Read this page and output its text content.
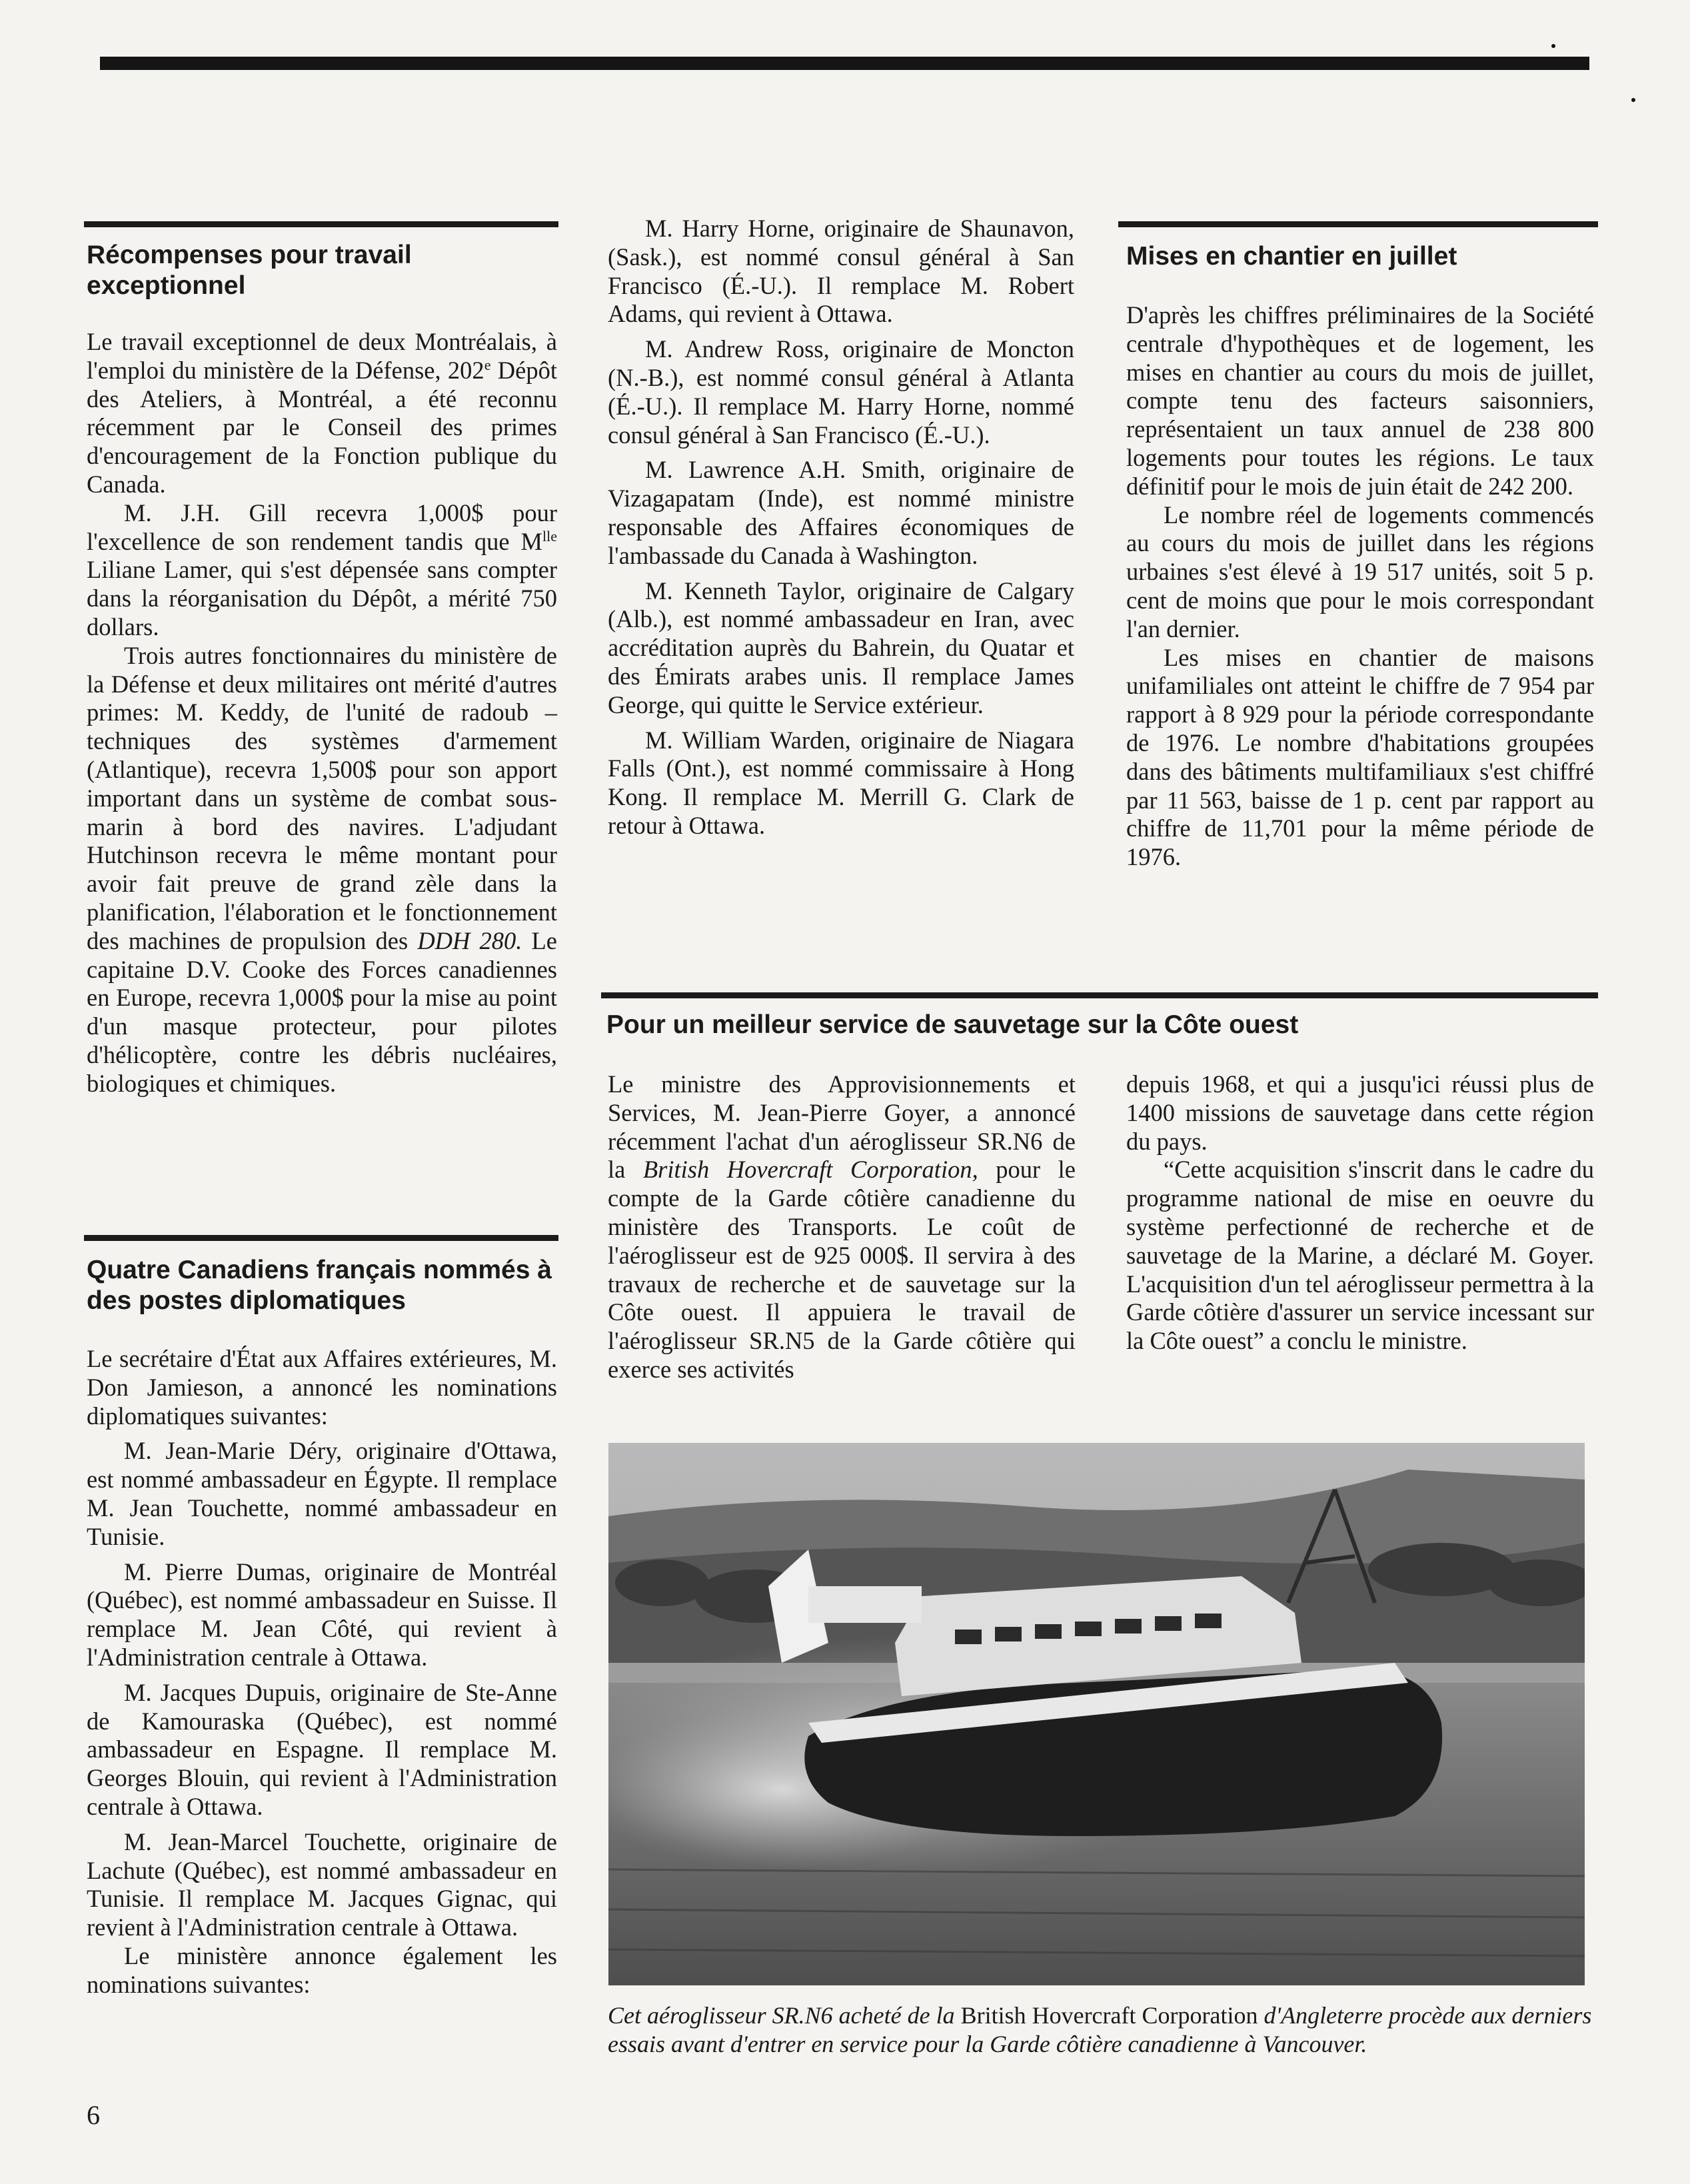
Récompenses pour travail exceptionnel

Le travail exceptionnel de deux Montréalais, à l'emploi du ministère de la Défense, 202e Dépôt des Ateliers, à Montréal, a été reconnu récemment par le Conseil des primes d'encouragement de la Fonction publique du Canada.

M. J.H. Gill recevra 1,000$ pour l'excellence de son rendement tandis que $M^{lle}$ Liliane Lamer, qui s'est dépensée sans compter dans la réorganisation du Dépôt, a mérité 750 dollars.

Trois autres fonctionnaires du ministère de la Défense et deux militaires ont mérité d'autres primes: M. Keddy, de l'unité de radoub – techniques des systèmes d'armement (Atlantique), recevra 1,500$ pour son apport important dans un système de combat sous-marin à bord des navires. L'adjudant Hutchinson recevra le même montant pour avoir fait preuve de grand zèle dans la planification, l'élaboration et le fonctionnement des machines de propulsion des DDH 280. Le capitaine D.V. Cooke des Forces canadiennes en Europe, recevra 1,000$ pour la mise au point d'un masque protecteur, pour pilotes d'hélicoptère, contre les débris nucléaires, biologiques et chimiques.

Quatre Canadiens français nommés à des postes diplomatiques

Le secrétaire d'État aux Affaires extérieures, M. Don Jamieson, a annoncé les nominations diplomatiques suivantes:

M. Jean-Marie Déry, originaire d'Ottawa, est nommé ambassadeur en Égypte. Il remplace M. Jean Touchette, nommé ambassadeur en Tunisie.

M. Pierre Dumas, originaire de Montréal (Québec), est nommé ambassadeur en Suisse. Il remplace M. Jean Côté, qui revient à l'Administration centrale à Ottawa.

M. Jacques Dupuis, originaire de Ste-Anne de Kamouraska (Québec), est nommé ambassadeur en Espagne. Il remplace M. Georges Blouin, qui revient à l'Administration centrale à Ottawa.

M. Jean-Marcel Touchette, originaire de Lachute (Québec), est nommé ambassadeur en Tunisie. Il remplace M. Jacques Gignac, qui revient à l'Administration centrale à Ottawa.

Le ministère annonce également les nominations suivantes:

6

M. Harry Horne, originaire de Shaunavon, (Sask.), est nommé consul général à San Francisco (É.-U.). Il remplace M. Robert Adams, qui revient à Ottawa.

M. Andrew Ross, originaire de Moncton (N.-B.), est nommé consul général à Atlanta (É.-U.). Il remplace M. Harry Horne, nommé consul général à San Francisco (É.-U.).

M. Lawrence A.H. Smith, originaire de Vizagapatam (Inde), est nommé ministre responsable des Affaires économiques de l'ambassade du Canada à Washington.

M. Kenneth Taylor, originaire de Calgary (Alb.), est nommé ambassadeur en Iran, avec accréditation auprès du Bahrein, du Quatar et des Émirats arabes unis. Il remplace James George, qui quitte le Service extérieur.

M. William Warden, originaire de Niagara Falls (Ont.), est nommé commissaire à Hong Kong. Il remplace M. Merrill G. Clark de retour à Ottawa.

Mises en chantier en juillet

D'après les chiffres préliminaires de la Société centrale d'hypothèques et de logement, les mises en chantier au cours du mois de juillet, compte tenu des facteurs saisonniers, représentaient un taux annuel de 238 800 logements pour toutes les régions. Le taux définitif pour le mois de juin était de 242 200.

Le nombre réel de logements commencés au cours du mois de juillet dans les régions urbaines s'est élevé à 19 517 unités, soit 5 p. cent de moins que pour le mois correspondant l'an dernier.

Les mises en chantier de maisons unifamiliales ont atteint le chiffre de 7 954 par rapport à 8 929 pour la période correspondante de 1976. Le nombre d'habitations groupées dans des bâtiments multifamiliaux s'est chiffré par 11 563, baisse de 1 p. cent par rapport au chiffre de 11,701 pour la même période de 1976.

Pour un meilleur service de sauvetage sur la Côte ouest

Le ministre des Approvisionnements et Services, M. Jean-Pierre Goyer, a annoncé récemment l'achat d'un aéroglisseur SR.N6 de la British Hovercraft Corporation, pour le compte de la Garde côtière canadienne du ministère des Transports. Le coût de l'aéroglisseur est de 925 000$. Il servira à des travaux de recherche et de sauvetage sur la Côte ouest. Il appuiera le travail de l'aéroglisseur SR.N5 de la Garde côtière qui exerce ses activités

depuis 1968, et qui a jusqu'ici réussi plus de 1400 missions de sauvetage dans cette région du pays.

“Cette acquisition s'inscrit dans le cadre du programme national de mise en oeuvre du système perfectionné de recherche et de sauvetage de la Marine, a déclaré M. Goyer. L'acquisition d'un tel aéroglisseur permettra à la Garde côtière d'assurer un service incessant sur la Côte ouest” a conclu le ministre.

Cet aéroglisseur SR.N6 acheté de la British Hovercraft Corporation d'Angleterre procède aux derniers essais avant d'entrer en service pour la Garde côtière canadienne à Vancouver.
